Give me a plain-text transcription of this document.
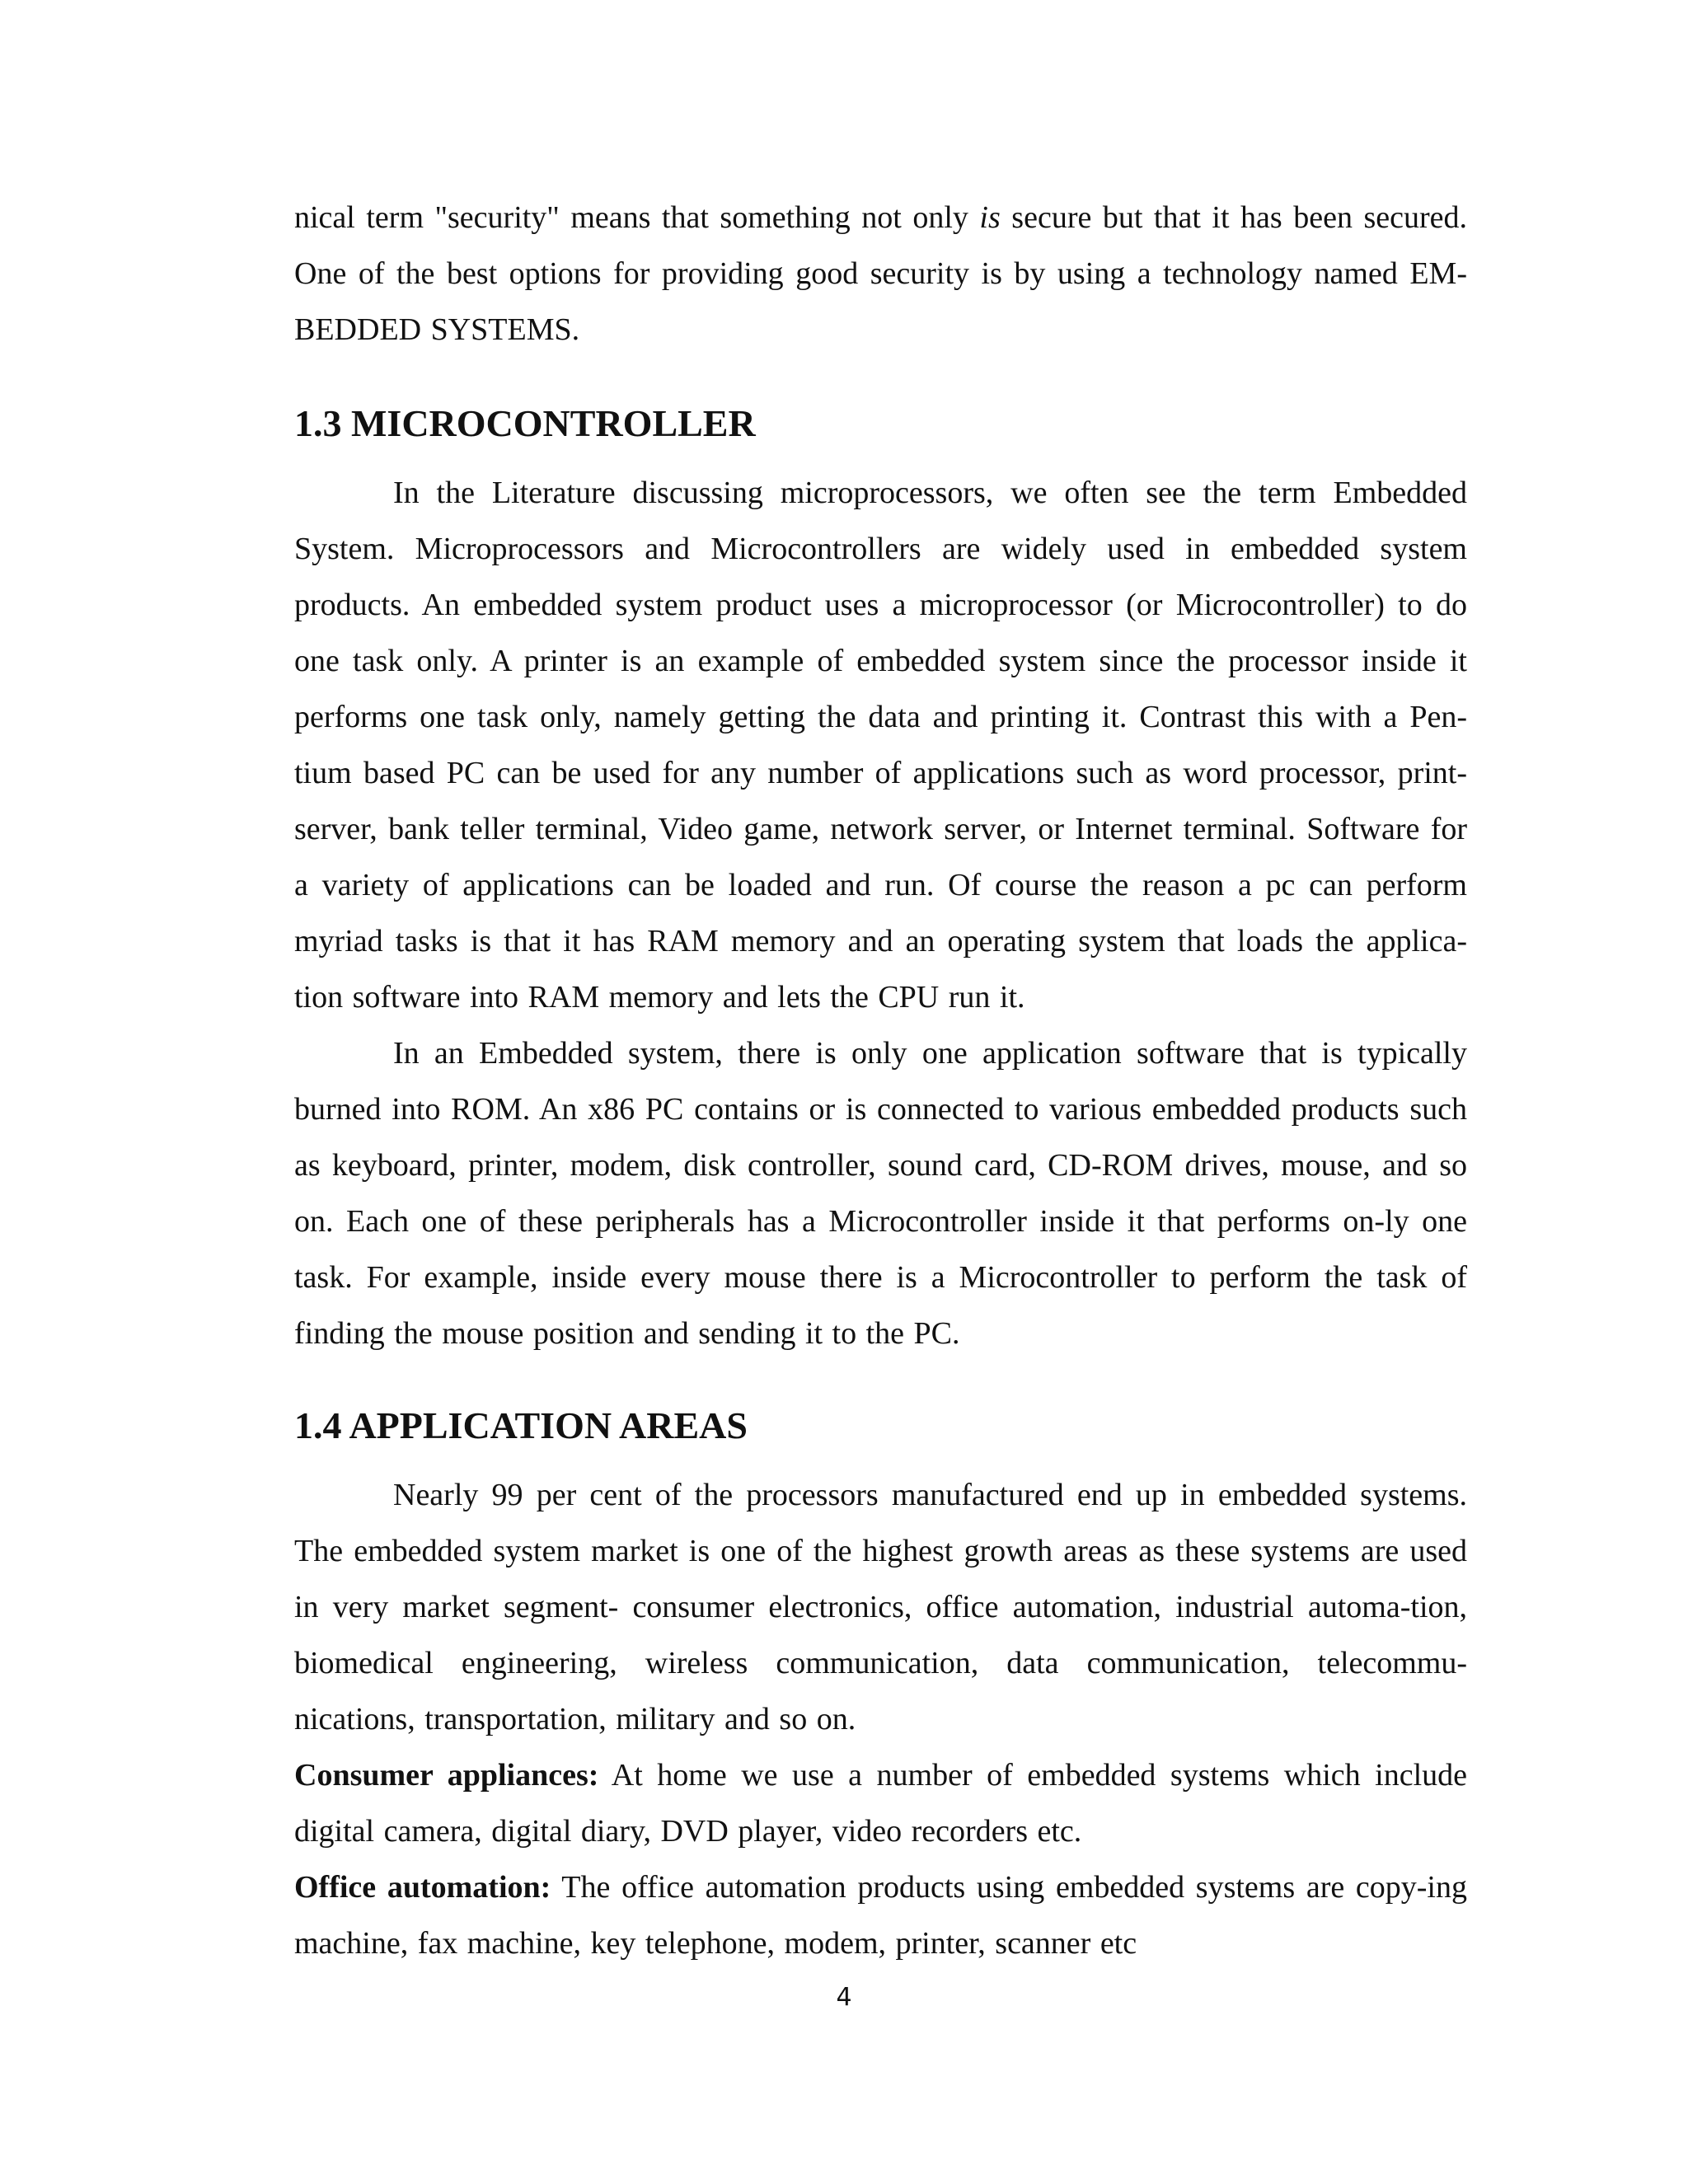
nical term "security" means that something not only is secure but that it has been secured. One of the best options for providing good security is by using a technology named EM-BEDDED SYSTEMS.

1.3 MICROCONTROLLER

In the Literature discussing microprocessors, we often see the term Embedded System. Microprocessors and Microcontrollers are widely used in embedded system products. An embedded system product uses a microprocessor (or Microcontroller) to do one task only. A printer is an example of embedded system since the processor inside it performs one task only, namely getting the data and printing it. Contrast this with a Pen-tium based PC can be used for any number of applications such as word processor, print-server, bank teller terminal, Video game, network server, or Internet terminal. Software for a variety of applications can be loaded and run. Of course the reason a pc can perform myriad tasks is that it has RAM memory and an operating system that loads the applica-tion software into RAM memory and lets the CPU run it.

In an Embedded system, there is only one application software that is typically burned into ROM. An x86 PC contains or is connected to various embedded products such as keyboard, printer, modem, disk controller, sound card, CD-ROM drives, mouse, and so on. Each one of these peripherals has a Microcontroller inside it that performs on-ly one task. For example, inside every mouse there is a Microcontroller to perform the task of finding the mouse position and sending it to the PC.

1.4 APPLICATION AREAS

Nearly 99 per cent of the processors manufactured end up in embedded systems. The embedded system market is one of the highest growth areas as these systems are used in very market segment- consumer electronics, office automation, industrial automa-tion, biomedical engineering, wireless communication, data communication, telecommu-nications, transportation, military and so on.

Consumer appliances: At home we use a number of embedded systems which include digital camera, digital diary, DVD player, video recorders etc.

Office automation: The office automation products using embedded systems are copy-ing machine, fax machine, key telephone, modem, printer, scanner etc

4
